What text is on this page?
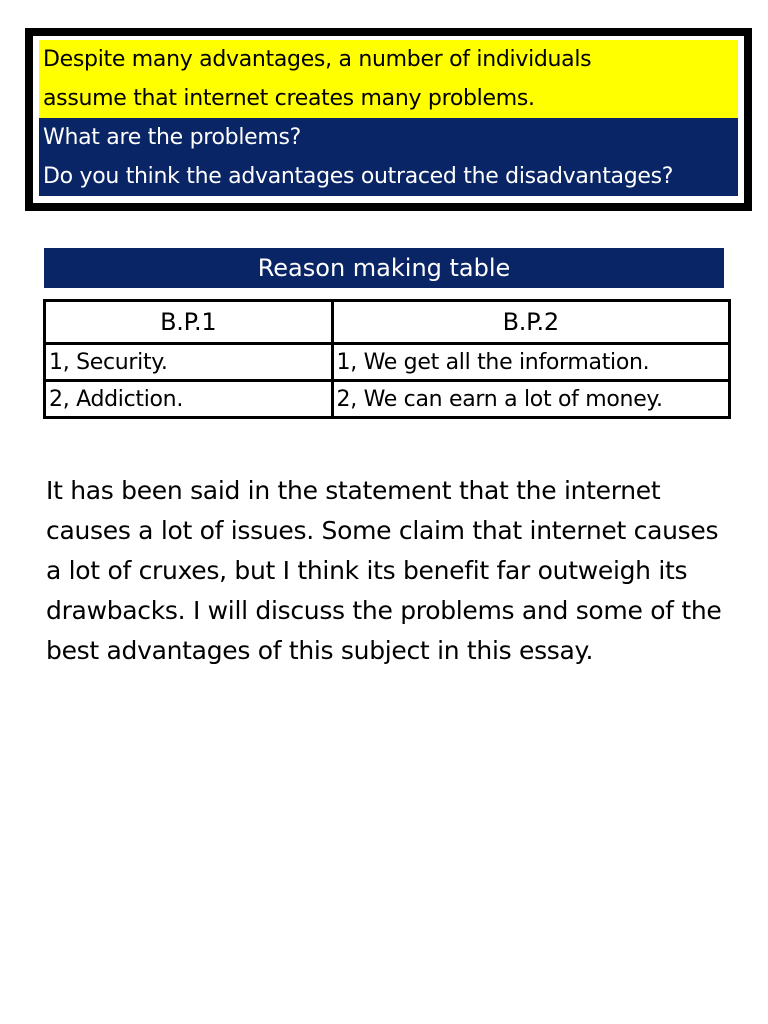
Despite many advantages, a number of individuals
assume that internet creates many problems.
What are the problems?
Do you think the advantages outraced the disadvantages?
Reason making table
B.P.1	B.P.2
1, Security.	1, We get all the information.
2, Addiction.	2, We can earn a lot of money.

It has been said in the statement that the internet causes a lot of issues. Some claim that internet causes a lot of cruxes, but I think its benefit far outweigh its drawbacks. I will discuss the problems and some of the best advantages of this subject in this essay.
